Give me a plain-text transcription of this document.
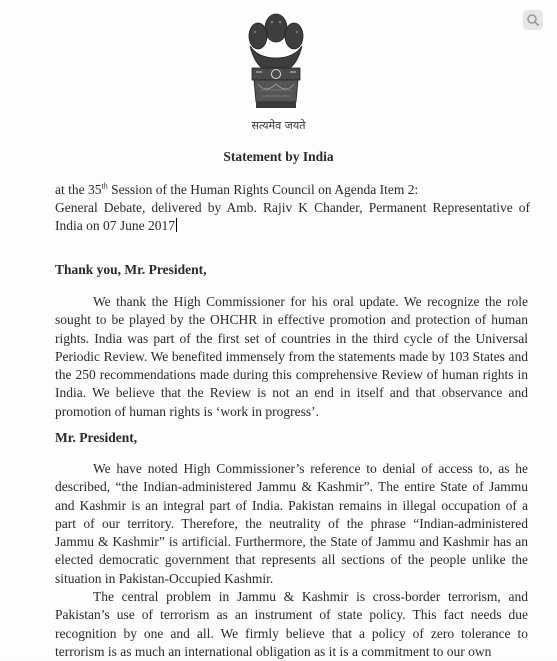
सत्यमेव जयते
Statement by India

at the 35th Session of the Human Rights Council on Agenda Item 2:

General Debate, delivered by Amb. Rajiv K Chander, Permanent Representative of India on 07 June 2017

Thank you, Mr. President,

We thank the High Commissioner for his oral update. We recognize the role sought to be played by the OHCHR in effective promotion and protection of human rights. India was part of the first set of countries in the third cycle of the Universal Periodic Review. We benefited immensely from the statements made by 103 States and the 250 recommendations made during this comprehensive Review of human rights in India. We believe that the Review is not an end in itself and that observance and promotion of human rights is ‘work in progress’.

Mr. President,

We have noted High Commissioner’s reference to denial of access to, as he described, “the Indian-administered Jammu & Kashmir”. The entire State of Jammu and Kashmir is an integral part of India. Pakistan remains in illegal occupation of a part of our territory. Therefore, the neutrality of the phrase “Indian-administered Jammu & Kashmir” is artificial. Furthermore, the State of Jammu and Kashmir has an elected democratic government that represents all sections of the people unlike the situation in Pakistan-Occupied Kashmir.

The central problem in Jammu & Kashmir is cross-border terrorism, and Pakistan’s use of terrorism as an instrument of state policy. This fact needs due recognition by one and all. We firmly believe that a policy of zero tolerance to terrorism is as much an international obligation as it is a commitment to our own
